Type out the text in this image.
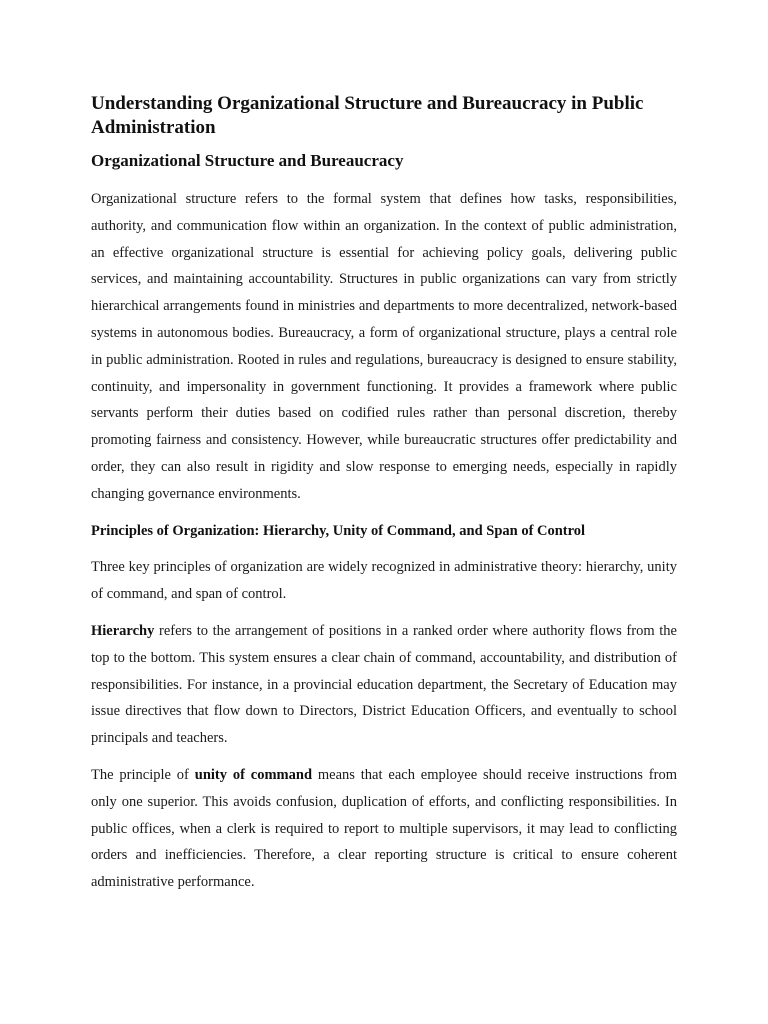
Understanding Organizational Structure and Bureaucracy in Public Administration
Organizational Structure and Bureaucracy

Organizational structure refers to the formal system that defines how tasks, responsibilities, authority, and communication flow within an organization. In the context of public administration, an effective organizational structure is essential for achieving policy goals, delivering public services, and maintaining accountability. Structures in public organizations can vary from strictly hierarchical arrangements found in ministries and departments to more decentralized, network-based systems in autonomous bodies. Bureaucracy, a form of organizational structure, plays a central role in public administration. Rooted in rules and regulations, bureaucracy is designed to ensure stability, continuity, and impersonality in government functioning. It provides a framework where public servants perform their duties based on codified rules rather than personal discretion, thereby promoting fairness and consistency. However, while bureaucratic structures offer predictability and order, they can also result in rigidity and slow response to emerging needs, especially in rapidly changing governance environments.

Principles of Organization: Hierarchy, Unity of Command, and Span of Control

Three key principles of organization are widely recognized in administrative theory: hierarchy, unity of command, and span of control.

Hierarchy refers to the arrangement of positions in a ranked order where authority flows from the top to the bottom. This system ensures a clear chain of command, accountability, and distribution of responsibilities. For instance, in a provincial education department, the Secretary of Education may issue directives that flow down to Directors, District Education Officers, and eventually to school principals and teachers.

The principle of unity of command means that each employee should receive instructions from only one superior. This avoids confusion, duplication of efforts, and conflicting responsibilities. In public offices, when a clerk is required to report to multiple supervisors, it may lead to conflicting orders and inefficiencies. Therefore, a clear reporting structure is critical to ensure coherent administrative performance.
